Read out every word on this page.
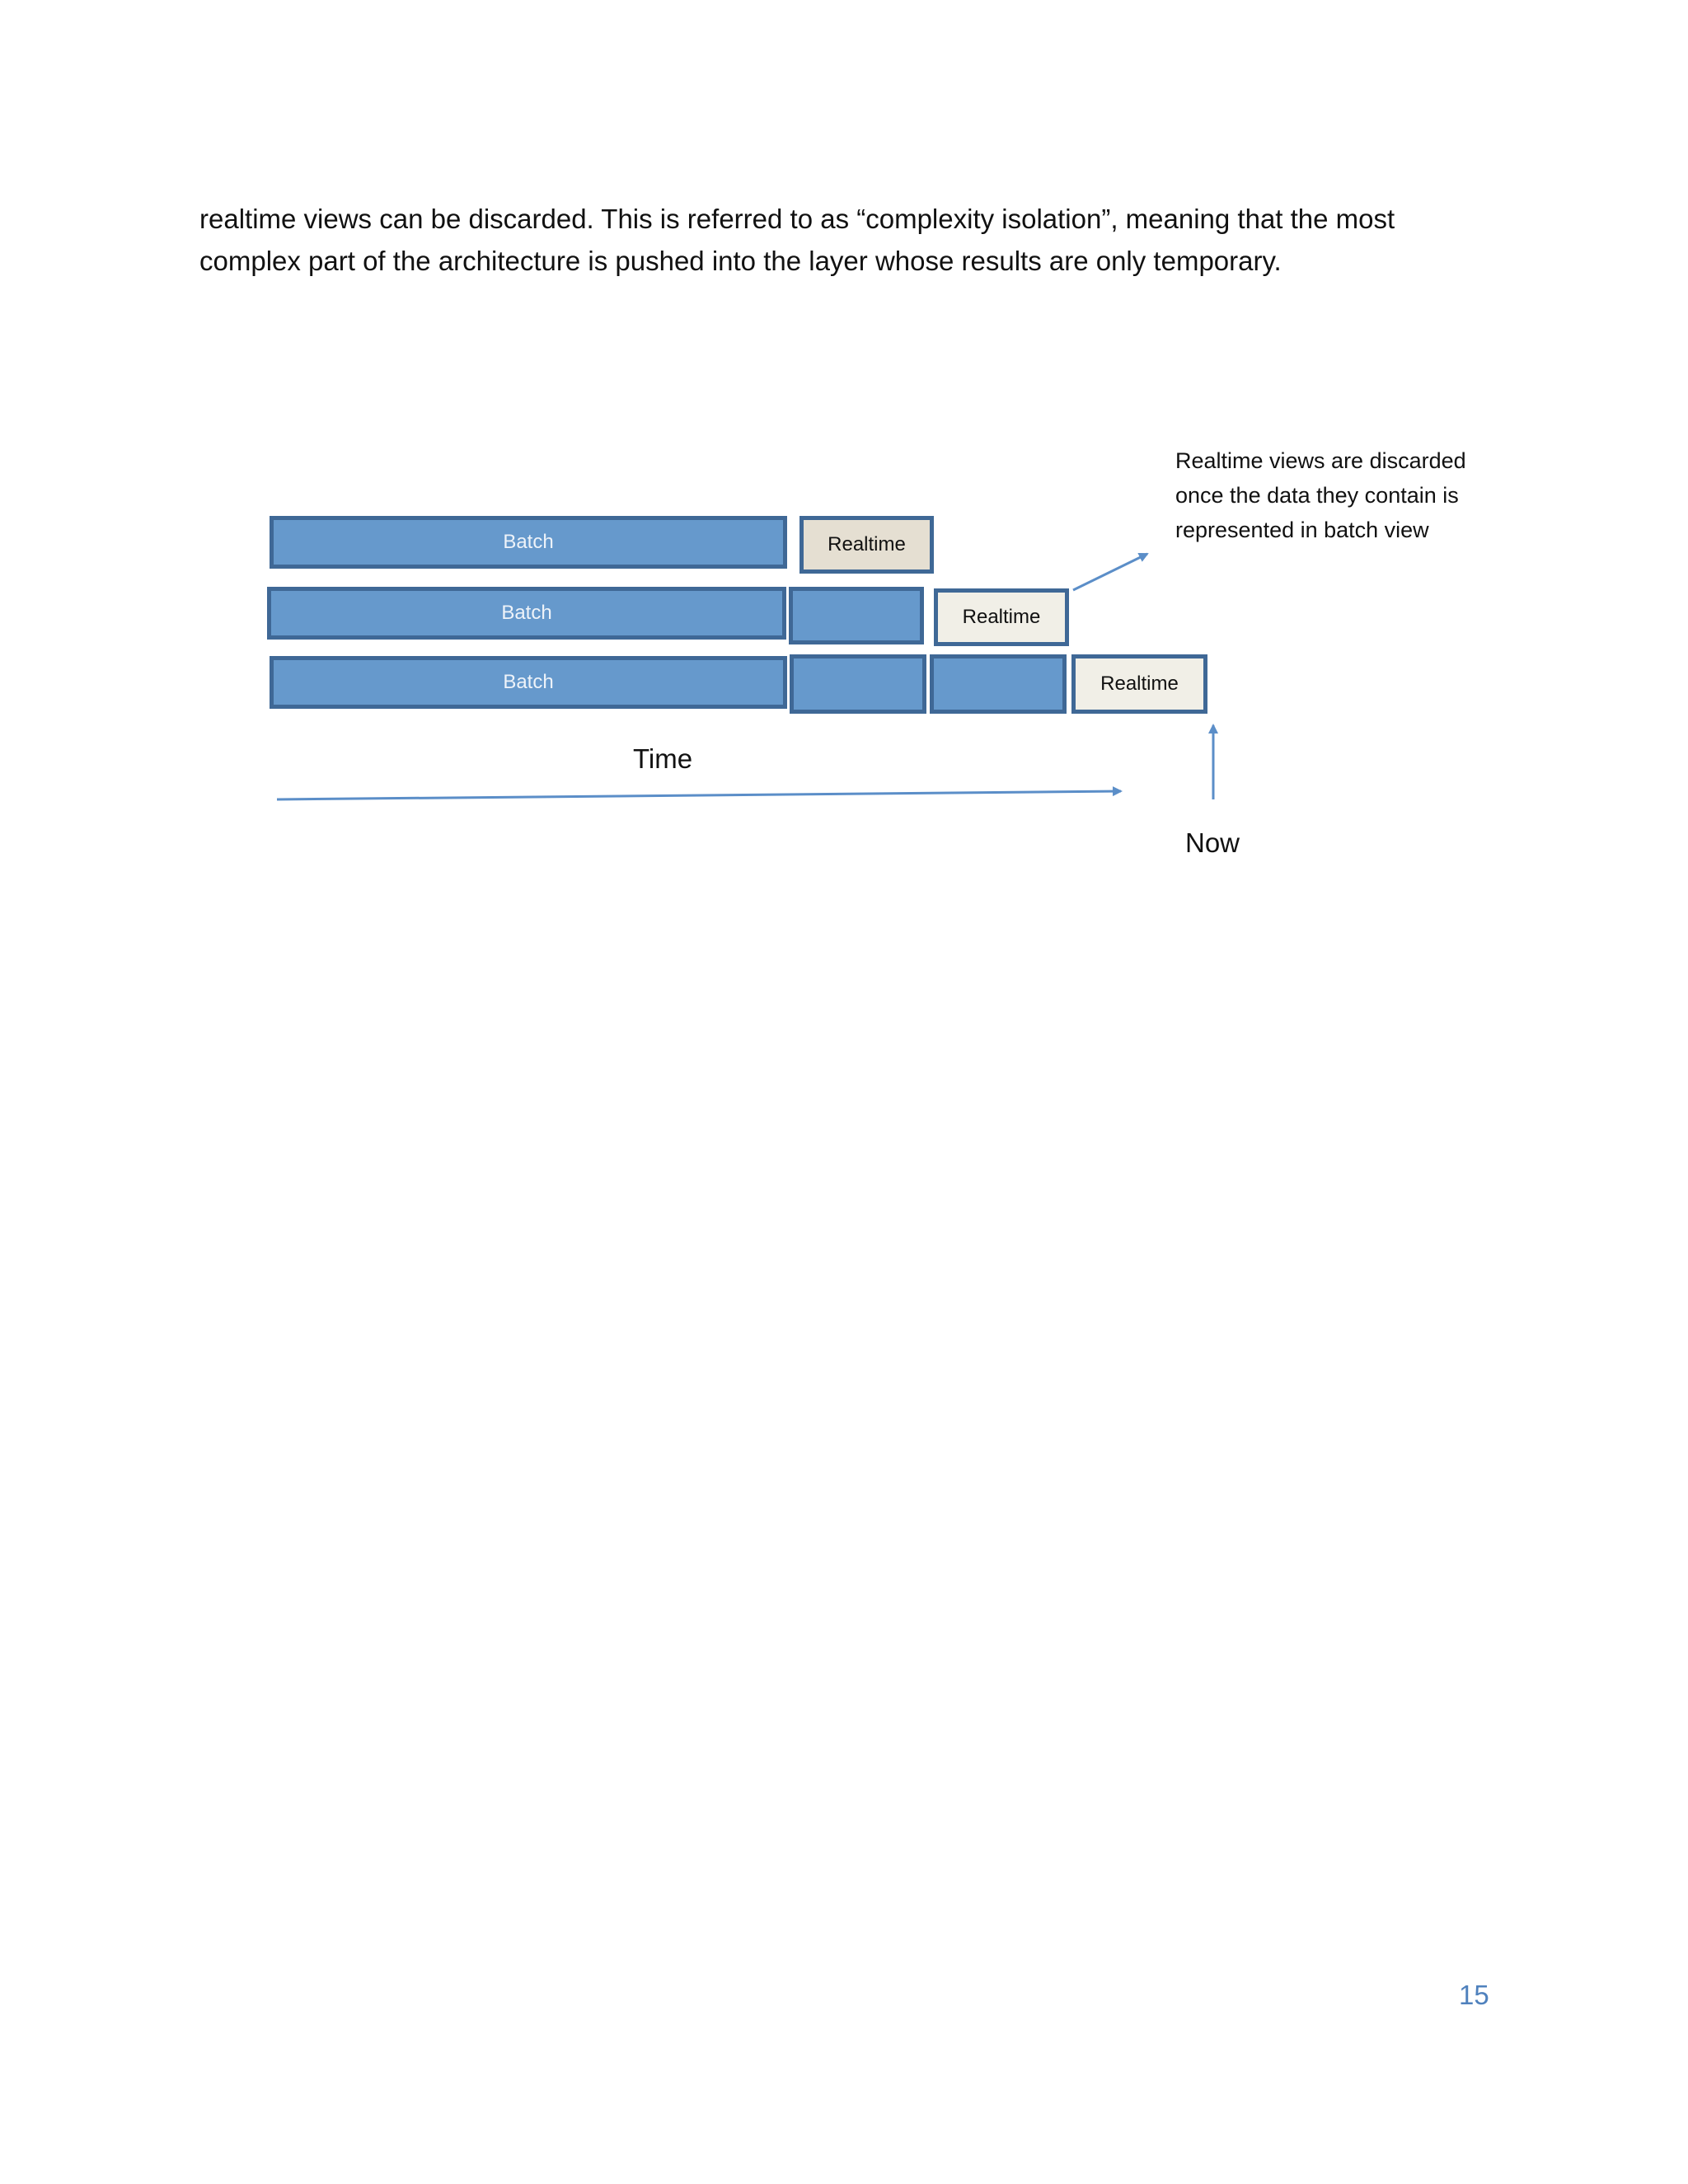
realtime views can be discarded. This is referred to as “complexity isolation”, meaning that the most

complex part of the architecture is pushed into the layer whose results are only temporary.

Batch	Realtime
Batch	Realtime
Batch	Realtime

Realtime views are discarded

once the data they contain is

represented in batch view

Time
Now
15
